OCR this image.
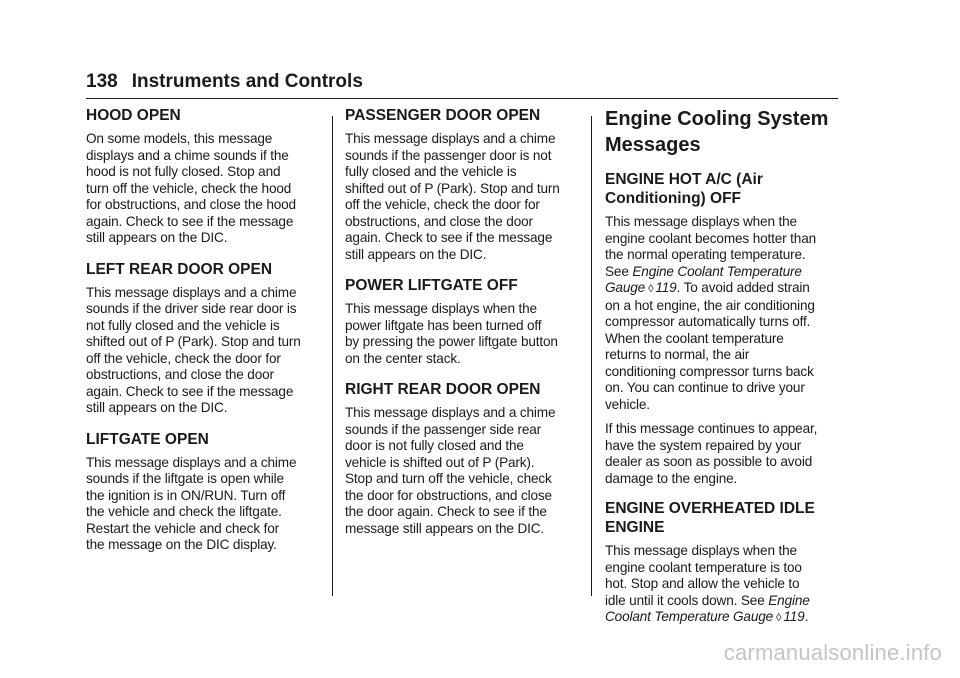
138 Instruments and Controls
HOOD OPEN

On some models, this message
displays and a chime sounds if the
hood is not fully closed. Stop and
turn off the vehicle, check the hood
for obstructions, and close the hood
again. Check to see if the message
still appears on the DIC.

LEFT REAR DOOR OPEN

This message displays and a chime
sounds if the driver side rear door is
not fully closed and the vehicle is
shifted out of P (Park). Stop and turn
off the vehicle, check the door for
obstructions, and close the door
again. Check to see if the message
still appears on the DIC.

LIFTGATE OPEN

This message displays and a chime
sounds if the liftgate is open while
the ignition is in ON/RUN. Turn off
the vehicle and check the liftgate.
Restart the vehicle and check for
the message on the DIC display.

PASSENGER DOOR OPEN

This message displays and a chime
sounds if the passenger door is not
fully closed and the vehicle is
shifted out of P (Park). Stop and turn
off the vehicle, check the door for
obstructions, and close the door
again. Check to see if the message
still appears on the DIC.

POWER LIFTGATE OFF

This message displays when the
power liftgate has been turned off
by pressing the power liftgate button
on the center stack.

RIGHT REAR DOOR OPEN

This message displays and a chime
sounds if the passenger side rear
door is not fully closed and the
vehicle is shifted out of P (Park).
Stop and turn off the vehicle, check
the door for obstructions, and close
the door again. Check to see if the
message still appears on the DIC.

Engine Cooling System
Messages
ENGINE HOT A/C (Air
Conditioning) OFF

This message displays when the
engine coolant becomes hotter than
the normal operating temperature.
See Engine Coolant Temperature
Gauge ◊ 119. To avoid added strain
on a hot engine, the air conditioning
compressor automatically turns off.
When the coolant temperature
returns to normal, the air
conditioning compressor turns back
on. You can continue to drive your
vehicle.

If this message continues to appear,
have the system repaired by your
dealer as soon as possible to avoid
damage to the engine.

ENGINE OVERHEATED IDLE
ENGINE

This message displays when the
engine coolant temperature is too
hot. Stop and allow the vehicle to
idle until it cools down. See Engine
Coolant Temperature Gauge ◊ 119.

carmanualsonline.info
